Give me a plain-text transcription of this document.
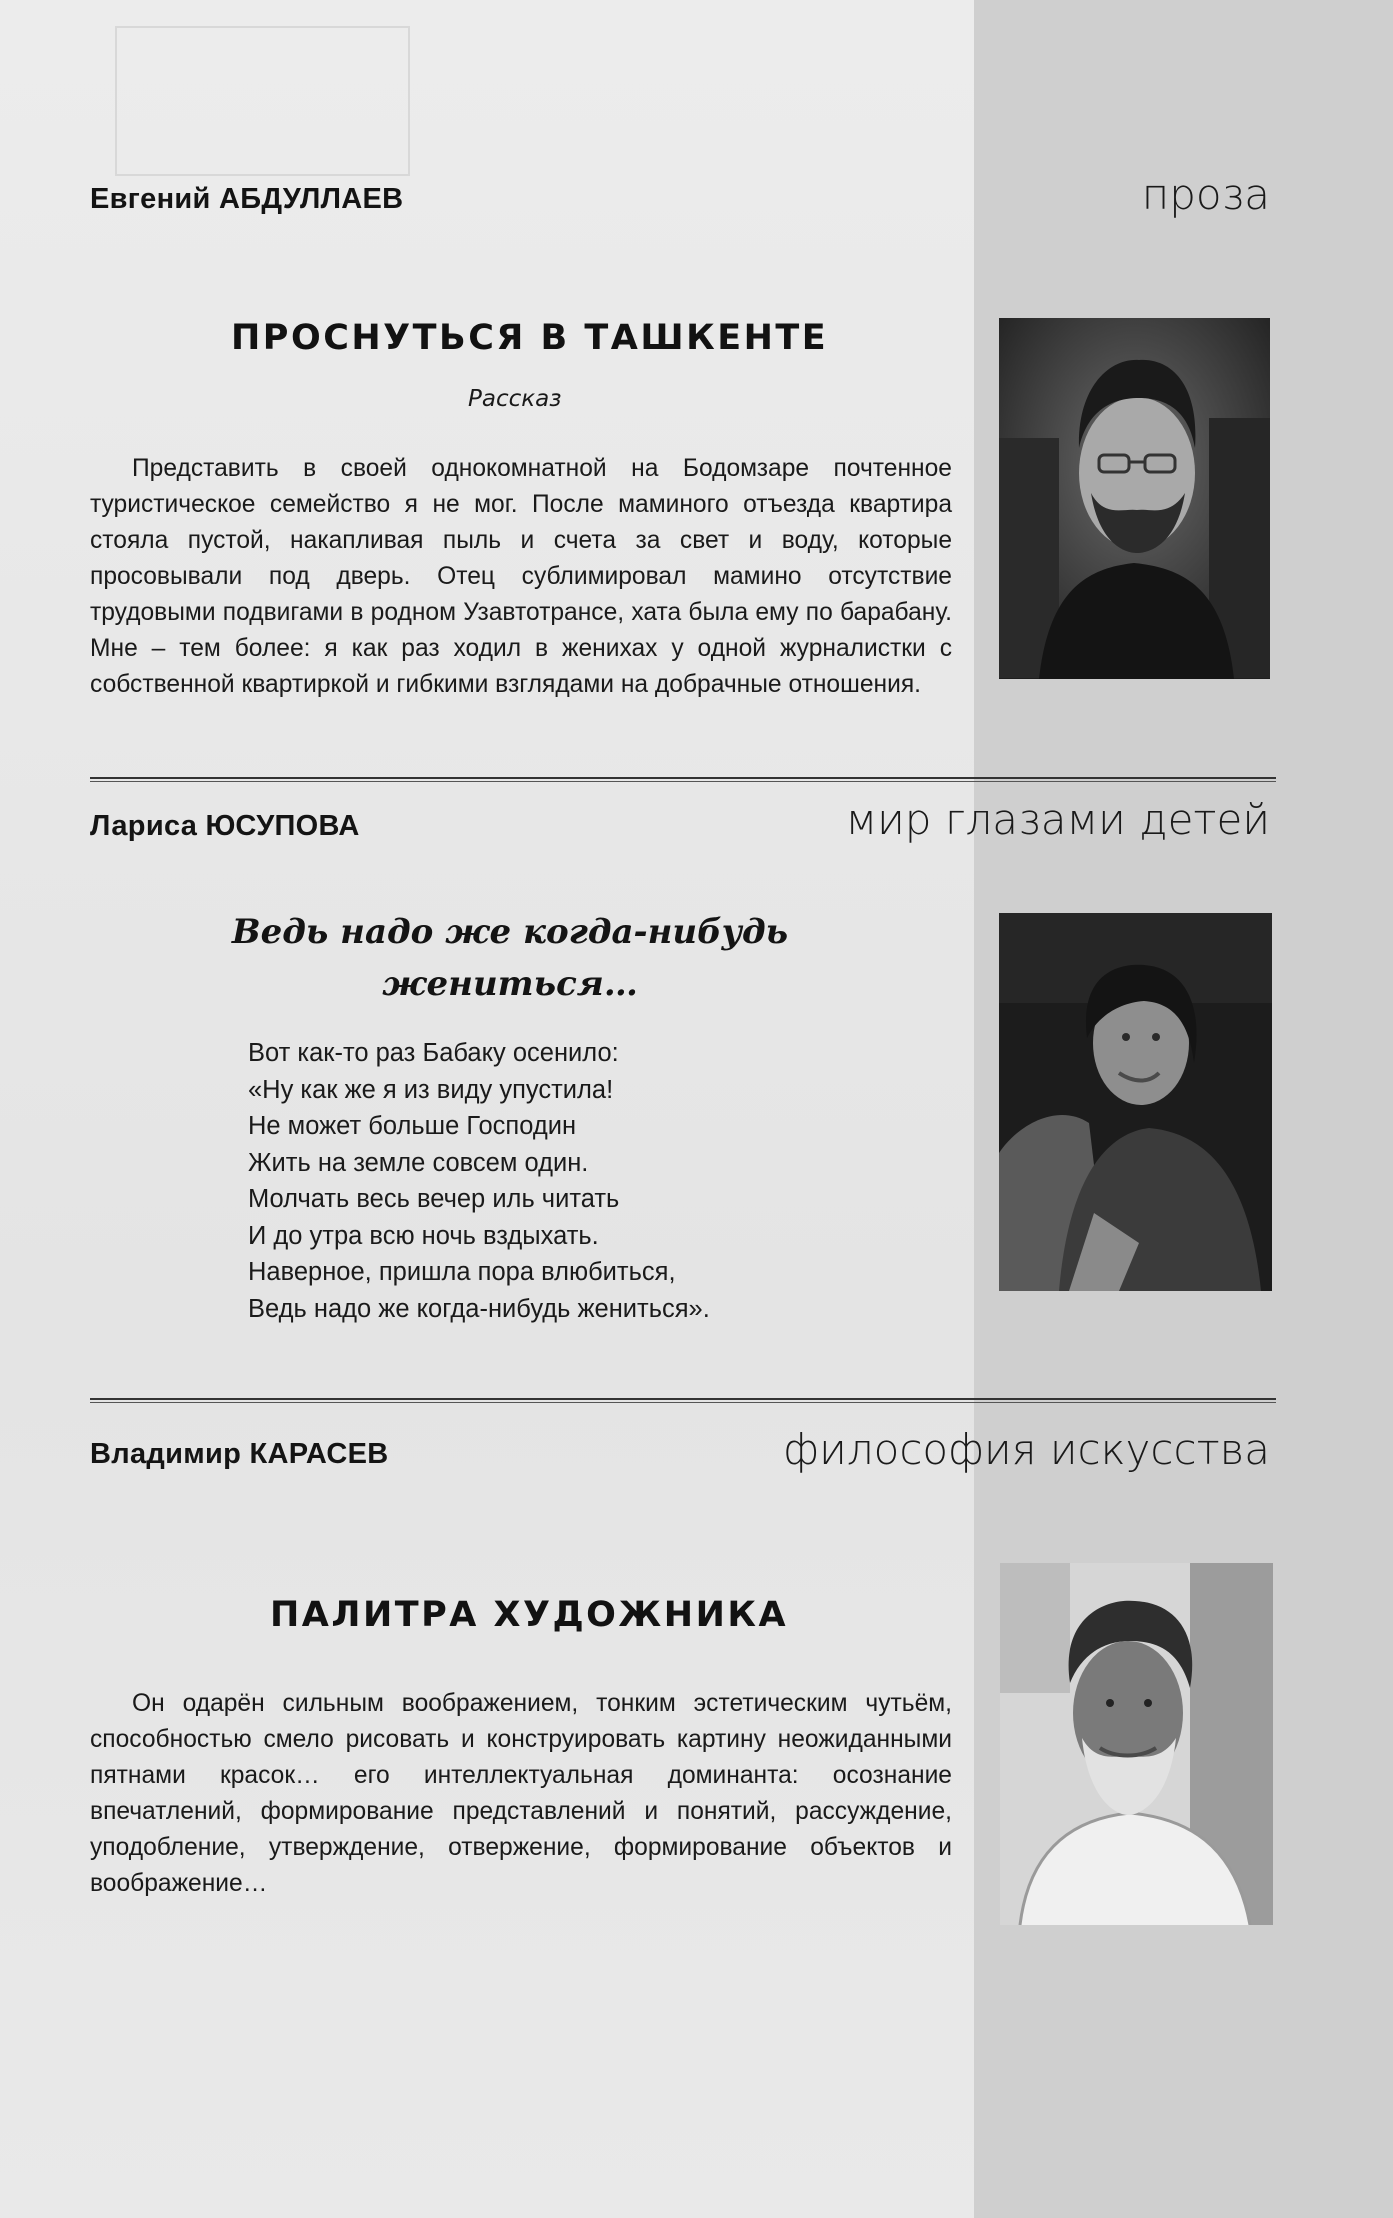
Евгений АБДУЛЛАЕВ	проза
ПРОСНУТЬСЯ В ТАШКЕНТЕ
Рассказ
Представить в своей однокомнатной на Бодомзаре почтенное туристическое семейство я не мог. После маминого отъезда квартира стояла пустой, накапливая пыль и счета за свет и воду, которые просовывали под дверь. Отец сублимировал мамино отсутствие трудовыми подвигами в родном Узавтотрансе, хата была ему по барабану. Мне – тем более: я как раз ходил в женихах у одной журналистки с собственной квартиркой и гибкими взглядами на добрачные отношения.
Лариса ЮСУПОВА	мир глазами детей
Ведь надо же когда-нибудь
жениться…
Вот как-то раз Бабаку осенило:
«Ну как же я из виду упустила!
Не может больше Господин
Жить на земле совсем один.
Молчать весь вечер иль читать
И до утра всю ночь вздыхать.
Наверное, пришла пора влюбиться,
Ведь надо же когда-нибудь жениться».
Владимир КАРАСЕВ	философия искусства
ПАЛИТРА ХУДОЖНИКА
Он одарён сильным воображением, тонким эстетическим чутьём, способностью смело рисовать и конструировать картину неожиданными пятнами красок… его интеллектуальная доминанта: осознание впечатлений, формирование представлений и понятий, рассуждение, уподобление, утверждение, отвержение, формирование объектов и воображение…
